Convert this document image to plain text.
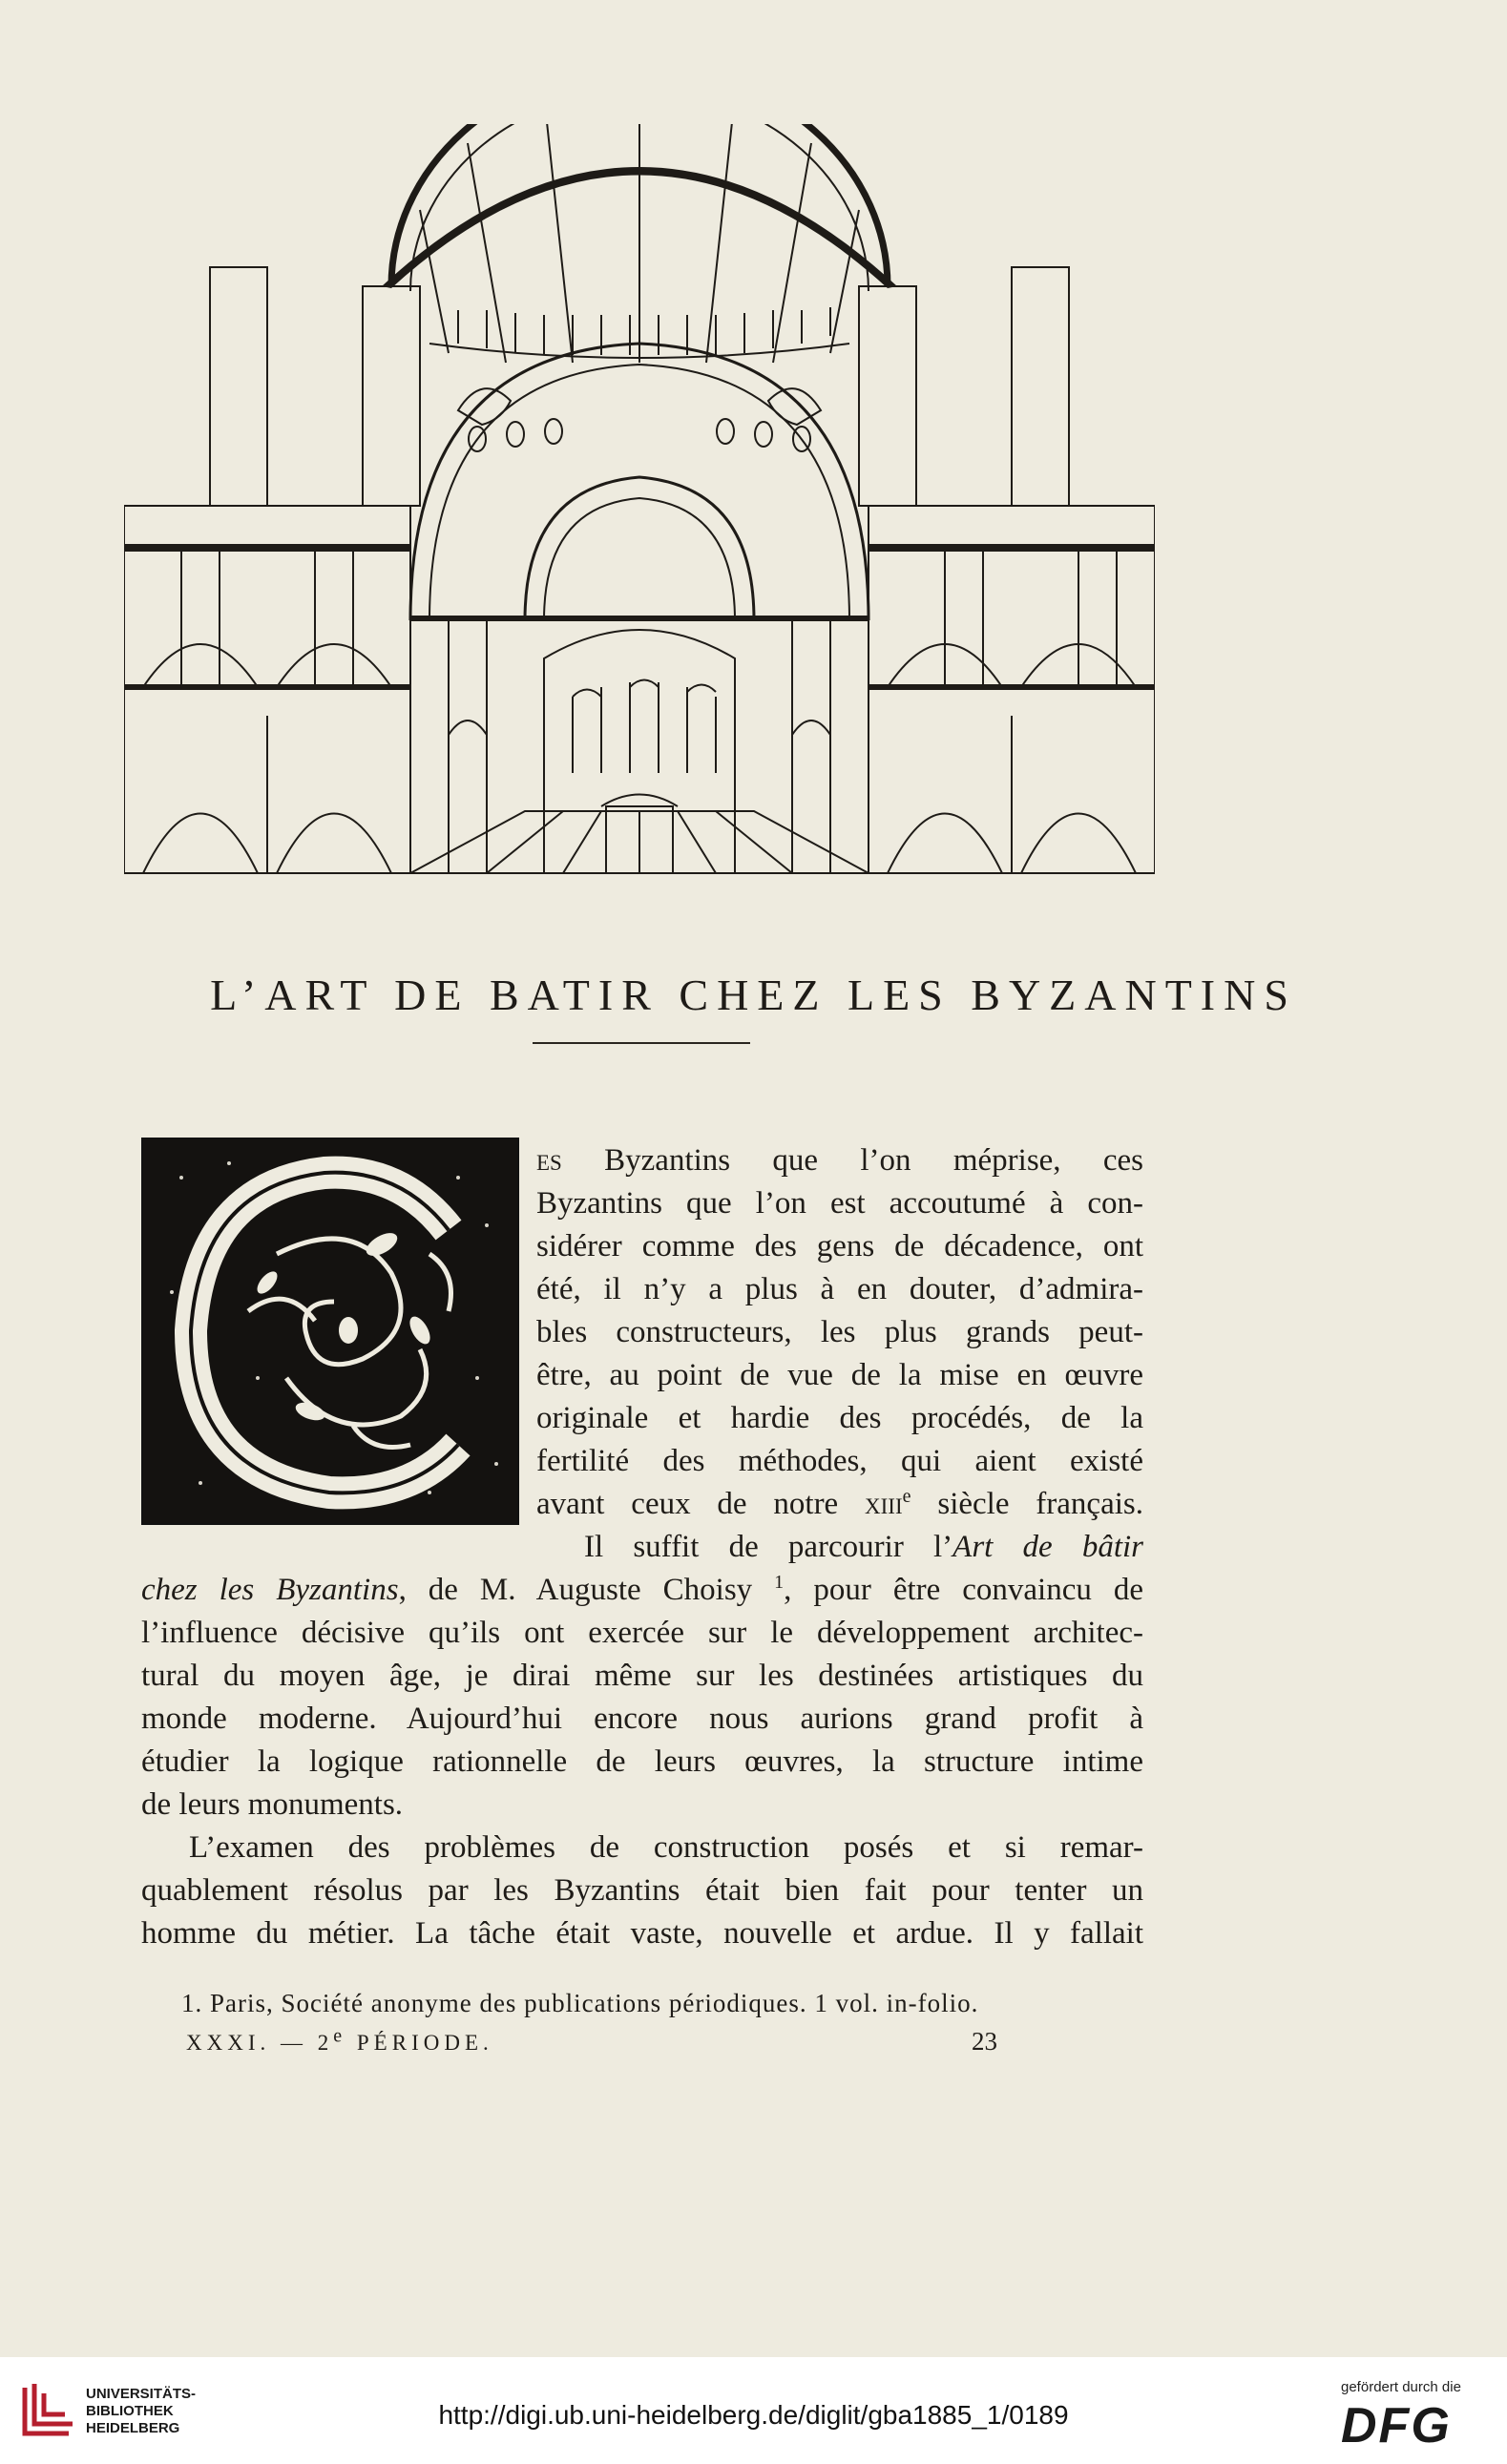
L’ART DE BATIR CHEZ LES BYZANTINS
es Byzantins que l’on méprise, ces
Byzantins que l’on est accoutumé à con-
sidérer comme des gens de décadence, ont
été, il n’y a plus à en douter, d’admira-
bles constructeurs, les plus grands peut-
être, au point de vue de la mise en œuvre
originale et hardie des procédés, de la
fertilité des méthodes, qui aient existé
avant ceux de notre xiii$^e$ siècle français.
Il suffit de parcourir l’Art de bâtir
chez les Byzantins, de M. Auguste Choisy $^1$, pour être convaincu de
l’influence décisive qu’ils ont exercée sur le développement architec-
tural du moyen âge, je dirai même sur les destinées artistiques du
monde moderne. Aujourd’hui encore nous aurions grand profit à
étudier la logique rationnelle de leurs œuvres, la structure intime
de leurs monuments.
L’examen des problèmes de construction posés et si remar-
quablement résolus par les Byzantins était bien fait pour tenter un
homme du métier. La tâche était vaste, nouvelle et ardue. Il y fallait
1. Paris, Société anonyme des publications périodiques. 1 vol. in-folio.
XXXI. — 2e PÉRIODE.	23
UNIVERSITÄTS-
BIBLIOTHEK
HEIDELBERG	http://digi.ub.uni-heidelberg.de/diglit/gba1885_1/0189
gefördert durch die
DFG
